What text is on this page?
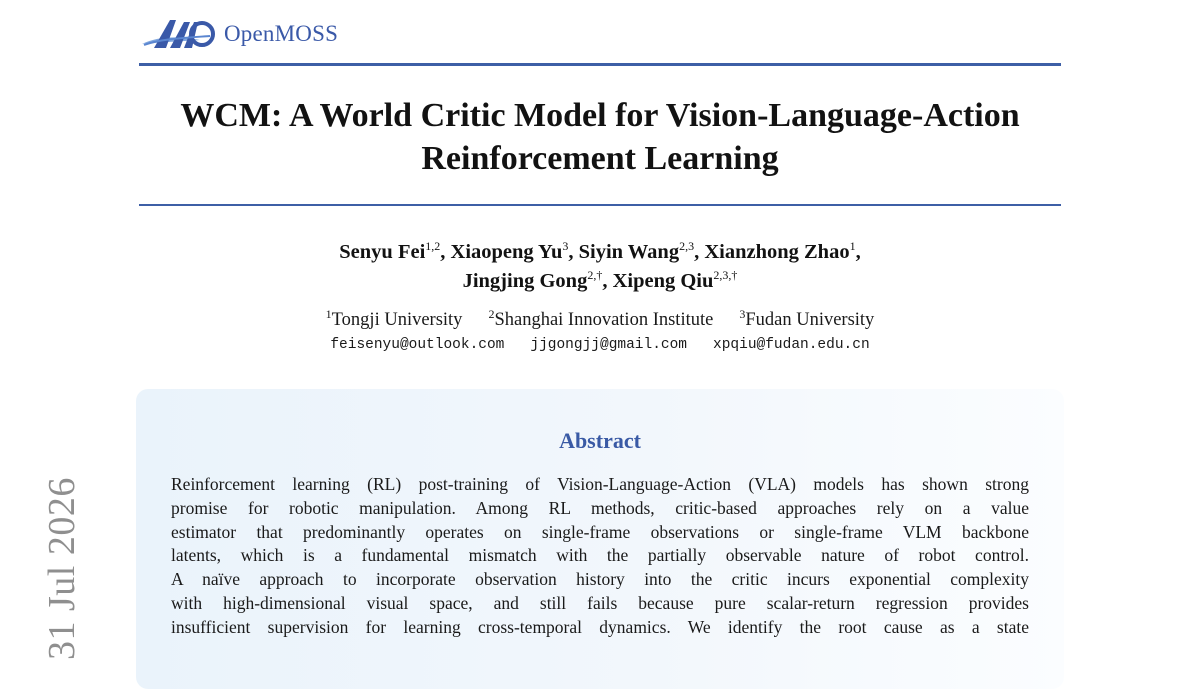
OpenMOSS
WCM: A World Critic Model for Vision-Language-Action
Reinforcement Learning
Senyu Fei$^{1,2}$, Xiaopeng Yu$^3$, Siyin Wang$^{2,3}$, Xianzhong Zhao$^1$,
Jingjing Gong$^{2,\dagger}$, Xipeng Qiu$^{2,3,\dagger}$
$^1$Tongji University $^2$Shanghai Innovation Institute $^3$Fudan University
feisenyu@outlook.com jjgongjj@gmail.com xpqiu@fudan.edu.cn
Abstract
Reinforcement learning (RL) post-training of Vision-Language-Action (VLA) models has shown strong
promise for robotic manipulation. Among RL methods, critic-based approaches rely on a value
estimator that predominantly operates on single-frame observations or single-frame VLM backbone
latents, which is a fundamental mismatch with the partially observable nature of robot control.
A naïve approach to incorporate observation history into the critic incurs exponential complexity
with high-dimensional visual space, and still fails because pure scalar-return regression provides
insufficient supervision for learning cross-temporal dynamics. We identify the root cause as a state
31 Jul 2026
